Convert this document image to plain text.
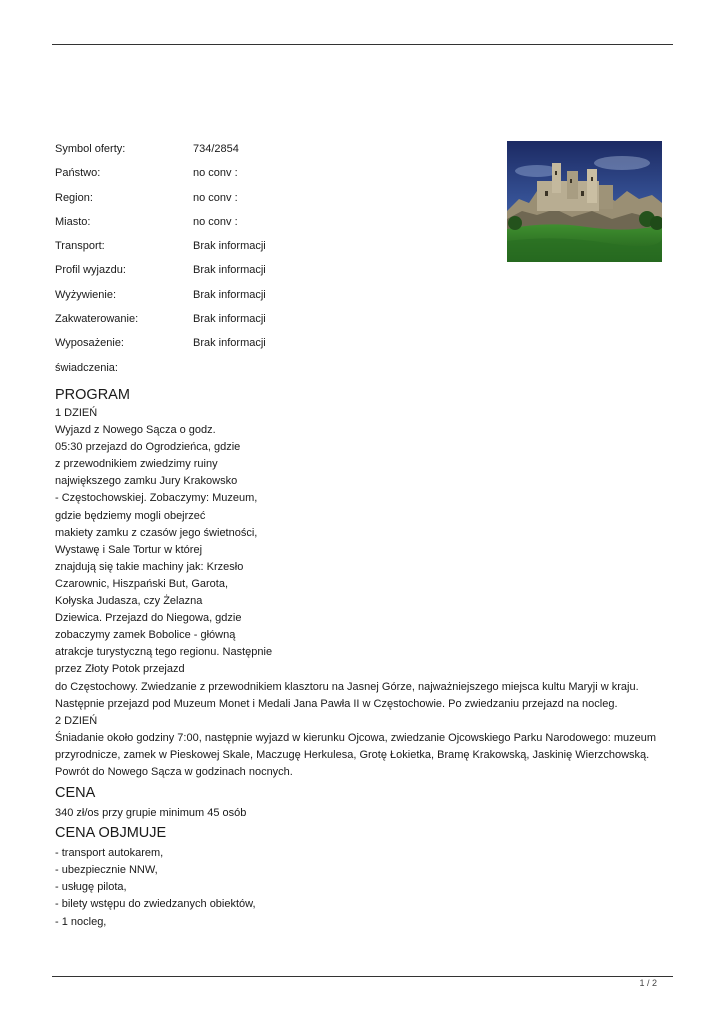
Symbol oferty:	734/2854
Państwo:	no conv :
Region:	no conv :
Miasto:	no conv :
Transport:	Brak informacji
Profil wyjazdu:	Brak informacji
Wyżywienie:	Brak informacji
Zakwaterowanie:	Brak informacji
Wyposażenie:	Brak informacji
świadczenia:
PROGRAM
1 DZIEŃ
Wyjazd z Nowego Sącza o godz.
05:30 przejazd do Ogrodzieńca, gdzie
z przewodnikiem zwiedzimy ruiny
największego zamku Jury Krakowsko
- Częstochowskiej. Zobaczymy: Muzeum,
gdzie będziemy mogli obejrzeć
makiety zamku z czasów jego świetności,
Wystawę i Sale Tortur w której
znajdują się takie machiny jak: Krzesło
Czarownic, Hiszpański But, Garota,
Kołyska Judasza, czy Żelazna
Dziewica. Przejazd do Niegowa, gdzie
zobaczymy zamek Bobolice - główną
atrakcje turystyczną tego regionu. Następnie
przez Złoty Potok przejazd
do Częstochowy. Zwiedzanie z przewodnikiem klasztoru na Jasnej Górze, najważniejszego miejsca kultu Maryji w kraju.
Następnie przejazd pod Muzeum Monet i Medali Jana Pawła II w Częstochowie. Po zwiedzaniu przejazd na nocleg.
2 DZIEŃ
Śniadanie około godziny 7:00, następnie wyjazd w kierunku Ojcowa, zwiedzanie Ojcowskiego Parku Narodowego: muzeum
przyrodnicze, zamek w Pieskowej Skale, Maczugę Herkulesa, Grotę Łokietka, Bramę Krakowską, Jaskinię Wierzchowską.
Powrót do Nowego Sącza w godzinach nocnych.
CENA
340 zł/os przy grupie minimum 45 osób
CENA OBJMUJE
- transport autokarem,
- ubezpiecznie NNW,
- usługę pilota,
- bilety wstępu do zwiedzanych obiektów,
- 1 nocleg,
1 / 2
